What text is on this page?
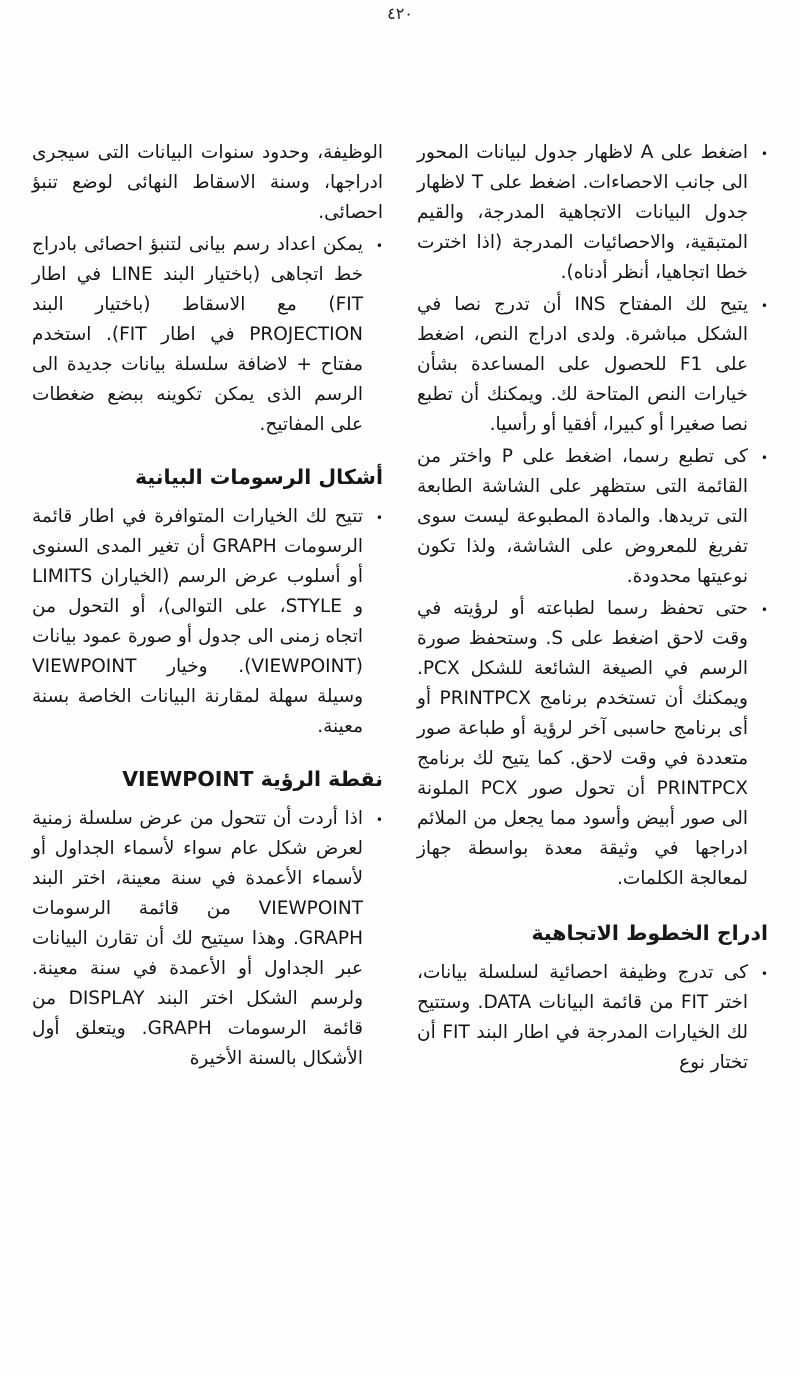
٤٢٠
•
اضغط على A لاظهار جدول لبيانات المحور الى جانب الاحصاءات. اضغط على T لاظهار جدول البيانات الاتجاهية المدرجة، والقيم المتبقية، والاحصائيات المدرجة (اذا اخترت خطا اتجاهيا، أنظر أدناه).
•
يتيح لك المفتاح INS أن تدرج نصا في الشكل مباشرة. ولدى ادراج النص، اضغط على F1 للحصول على المساعدة بشأن خيارات النص المتاحة لك. ويمكنك أن تطبع نصا صغيرا أو كبيرا، أفقيا أو رأسيا.
•
كى تطبع رسما، اضغط على P واختر من القائمة التى ستظهر على الشاشة الطابعة التى تريدها. والمادة المطبوعة ليست سوى تفريغ للمعروض على الشاشة، ولذا تكون نوعيتها محدودة.
•
حتى تحفظ رسما لطباعته أو لرؤيته في وقت لاحق اضغط على S. وستحفظ صورة الرسم في الصيغة الشائعة للشكل PCX. ويمكنك أن تستخدم برنامج PRINTPCX أو أى برنامج حاسبى آخر لرؤية أو طباعة صور متعددة في وقت لاحق. كما يتيح لك برنامج PRINTPCX أن تحول صور PCX الملونة الى صور أبيض وأسود مما يجعل من الملائم ادراجها في وثيقة معدة بواسطة جهاز لمعالجة الكلمات.
ادراج الخطوط الاتجاهية
•
كى تدرج وظيفة احصائية لسلسلة بيانات، اختر FIT من قائمة البيانات DATA. وستتيح لك الخيارات المدرجة في اطار البند FIT أن تختار نوع

الوظيفة، وحدود سنوات البيانات التى سيجرى ادراجها، وسنة الاسقاط النهائى لوضع تنبؤ احصائى.

•
يمكن اعداد رسم بيانى لتنبؤ احصائى بادراج خط اتجاهى (باختيار البند LINE في اطار FIT) مع الاسقاط (باختيار البند PROJECTION في اطار FIT). استخدم مفتاح + لاضافة سلسلة بيانات جديدة الى الرسم الذى يمكن تكوينه ببضع ضغطات على المفاتيح.
أشكال الرسومات البيانية
•
تتيح لك الخيارات المتوافرة في اطار قائمة الرسومات GRAPH أن تغير المدى السنوى أو أسلوب عرض الرسم (الخياران LIMITS و STYLE، على التوالى)، أو التحول من اتجاه زمنى الى جدول أو صورة عمود بيانات (VIEWPOINT). وخيار VIEWPOINT وسيلة سهلة لمقارنة البيانات الخاصة بسنة معينة.
نقطة الرؤية VIEWPOINT
•
اذا أردت أن تتحول من عرض سلسلة زمنية لعرض شكل عام سواء لأسماء الجداول أو لأسماء الأعمدة في سنة معينة، اختر البند VIEWPOINT من قائمة الرسومات GRAPH. وهذا سيتيح لك أن تقارن البيانات عبر الجداول أو الأعمدة في سنة معينة. ولرسم الشكل اختر البند DISPLAY من قائمة الرسومات GRAPH. ويتعلق أول الأشكال بالسنة الأخيرة
